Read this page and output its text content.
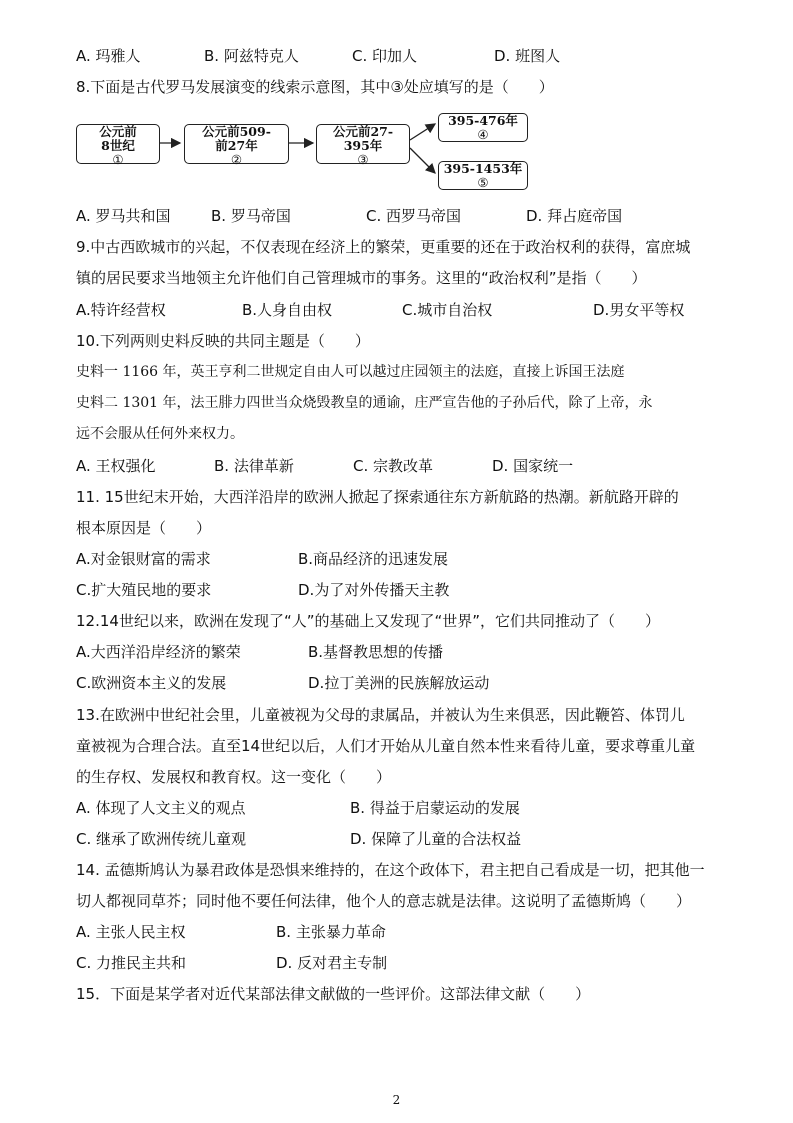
A. 玛雅人	B. 阿兹特克人	C. 印加人	D. 班图人
8.下面是古代罗马发展演变的线索示意图，其中③处应填写的是（　　）
公元前
8世纪
①
公元前509-
前27年
②
公元前27-
395年
③
395-476年
④
395-1453年
⑤
A. 罗马共和国	B. 罗马帝国	C. 西罗马帝国	D. 拜占庭帝国
9.中古西欧城市的兴起，不仅表现在经济上的繁荣，更重要的还在于政治权利的获得，富庶城
镇的居民要求当地领主允许他们自己管理城市的事务。这里的“政治权利”是指（　　）
A.特许经营权	B.人身自由权	C.城市自治权	D.男女平等权
10.下列两则史料反映的共同主题是（　　）
史料一 1166 年，英王亨利二世规定自由人可以越过庄园领主的法庭，直接上诉国王法庭
史料二 1301 年，法王腓力四世当众烧毁教皇的通谕，庄严宣告他的子孙后代，除了上帝，永
远不会服从任何外来权力。
A. 王权强化	B. 法律革新	C. 宗教改革	D. 国家统一
11. 15世纪末开始，大西洋沿岸的欧洲人掀起了探索通往东方新航路的热潮。新航路开辟的
根本原因是（　　）
A.对金银财富的需求	B.商品经济的迅速发展
C.扩大殖民地的要求	D.为了对外传播天主教
12.14世纪以来，欧洲在发现了“人”的基础上又发现了“世界”，它们共同推动了（　　）
A.大西洋沿岸经济的繁荣	B.基督教思想的传播
C.欧洲资本主义的发展	D.拉丁美洲的民族解放运动
13.在欧洲中世纪社会里，儿童被视为父母的隶属品，并被认为生来俱恶，因此鞭笞、体罚儿
童被视为合理合法。直至14世纪以后，人们才开始从儿童自然本性来看待儿童，要求尊重儿童
的生存权、发展权和教育权。这一变化（　　）
A. 体现了人文主义的观点	B. 得益于启蒙运动的发展
C. 继承了欧洲传统儿童观	D. 保障了儿童的合法权益
14. 孟德斯鸠认为暴君政体是恐惧来维持的，在这个政体下，君主把自己看成是一切，把其他一
切人都视同草芥；同时他不要任何法律，他个人的意志就是法律。这说明了孟德斯鸠（　　）
A. 主张人民主权	B. 主张暴力革命
C. 力推民主共和	D. 反对君主专制
15．下面是某学者对近代某部法律文献做的一些评价。这部法律文献（　　）
2
